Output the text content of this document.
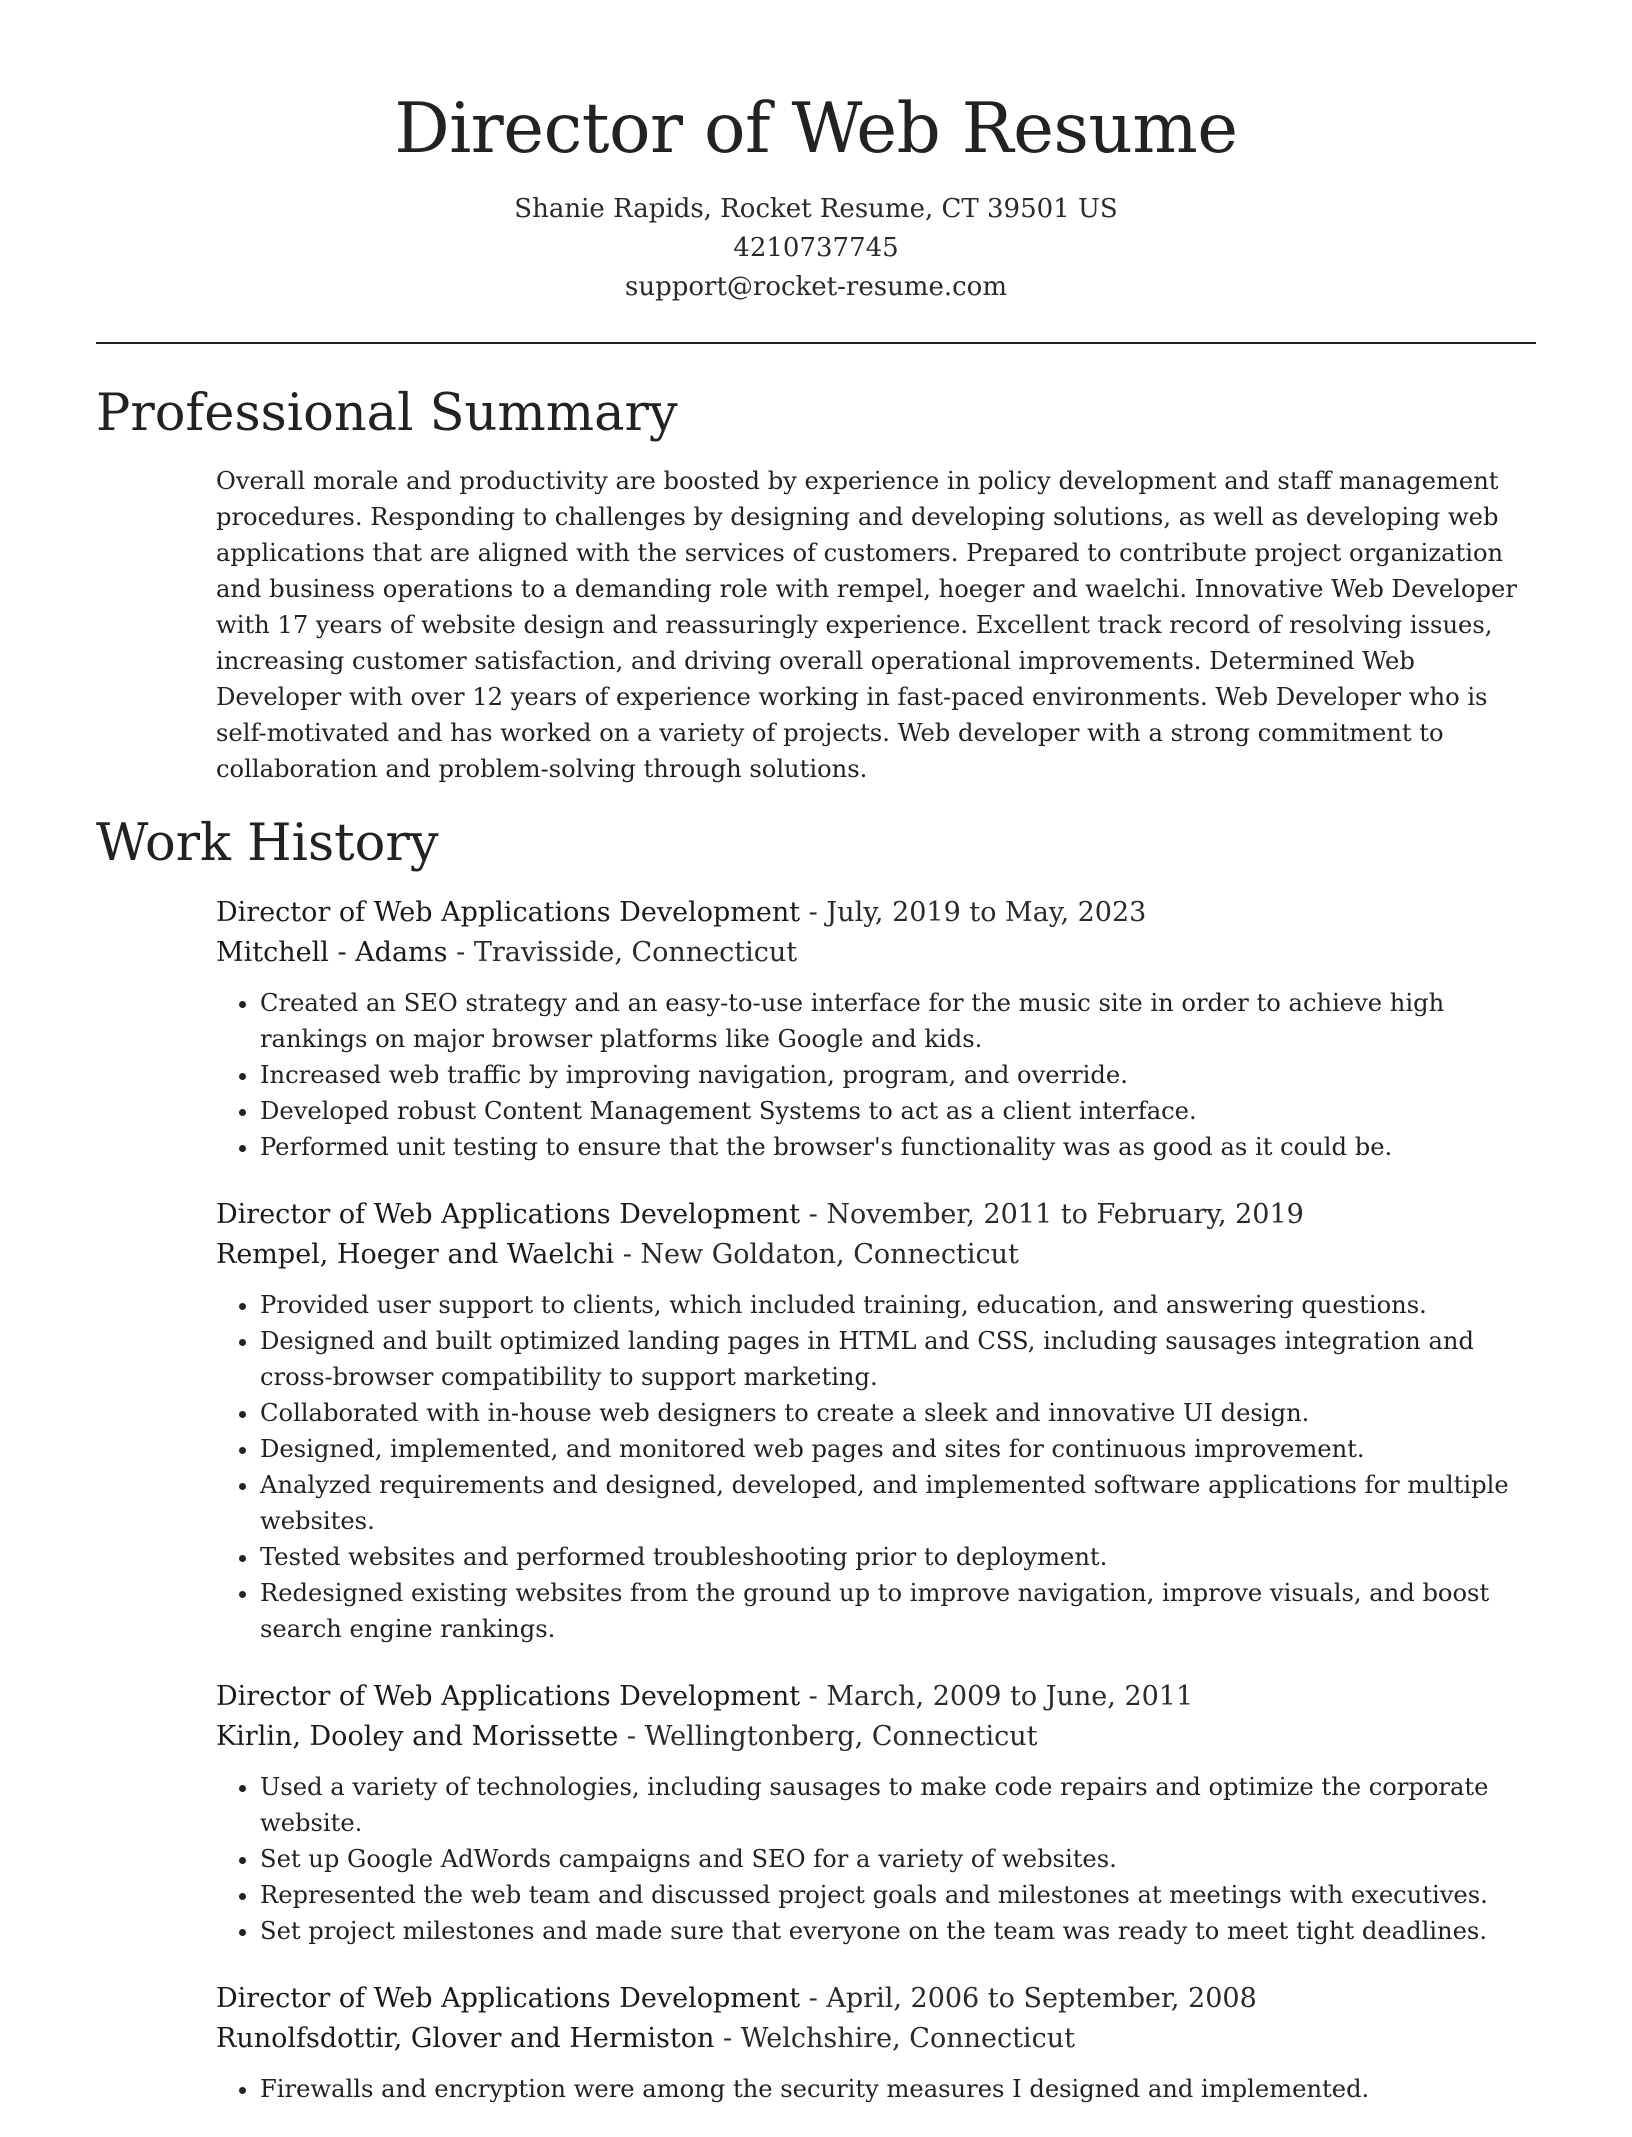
Director of Web Resume
Shanie Rapids, Rocket Resume, CT 39501 US
4210737745
support@rocket-resume.com
Professional Summary

Overall morale and productivity are boosted by experience in policy development and staff management procedures. Responding to challenges by designing and developing solutions, as well as developing web applications that are aligned with the services of customers. Prepared to contribute project organization and business operations to a demanding role with rempel, hoeger and waelchi. Innovative Web Developer with 17 years of website design and reassuringly experience. Excellent track record of resolving issues, increasing customer satisfaction, and driving overall operational improvements. Determined Web Developer with over 12 years of experience working in fast-paced environments. Web Developer who is self-motivated and has worked on a variety of projects. Web developer with a strong commitment to collaboration and problem-solving through solutions.

Work History
Director of Web Applications Development - July, 2019 to May, 2023
Mitchell - Adams - Travisside, Connecticut
• Created an SEO strategy and an easy-to-use interface for the music site in order to achieve high rankings on major browser platforms like Google and kids.
• Increased web traffic by improving navigation, program, and override.
• Developed robust Content Management Systems to act as a client interface.
• Performed unit testing to ensure that the browser's functionality was as good as it could be.
Director of Web Applications Development - November, 2011 to February, 2019
Rempel, Hoeger and Waelchi - New Goldaton, Connecticut
• Provided user support to clients, which included training, education, and answering questions.
• Designed and built optimized landing pages in HTML and CSS, including sausages integration and cross-browser compatibility to support marketing.
• Collaborated with in-house web designers to create a sleek and innovative UI design.
• Designed, implemented, and monitored web pages and sites for continuous improvement.
• Analyzed requirements and designed, developed, and implemented software applications for multiple websites.
• Tested websites and performed troubleshooting prior to deployment.
• Redesigned existing websites from the ground up to improve navigation, improve visuals, and boost search engine rankings.
Director of Web Applications Development - March, 2009 to June, 2011
Kirlin, Dooley and Morissette - Wellingtonberg, Connecticut
• Used a variety of technologies, including sausages to make code repairs and optimize the corporate website.
• Set up Google AdWords campaigns and SEO for a variety of websites.
• Represented the web team and discussed project goals and milestones at meetings with executives.
• Set project milestones and made sure that everyone on the team was ready to meet tight deadlines.
Director of Web Applications Development - April, 2006 to September, 2008
Runolfsdottir, Glover and Hermiston - Welchshire, Connecticut
• Firewalls and encryption were among the security measures I designed and implemented.
